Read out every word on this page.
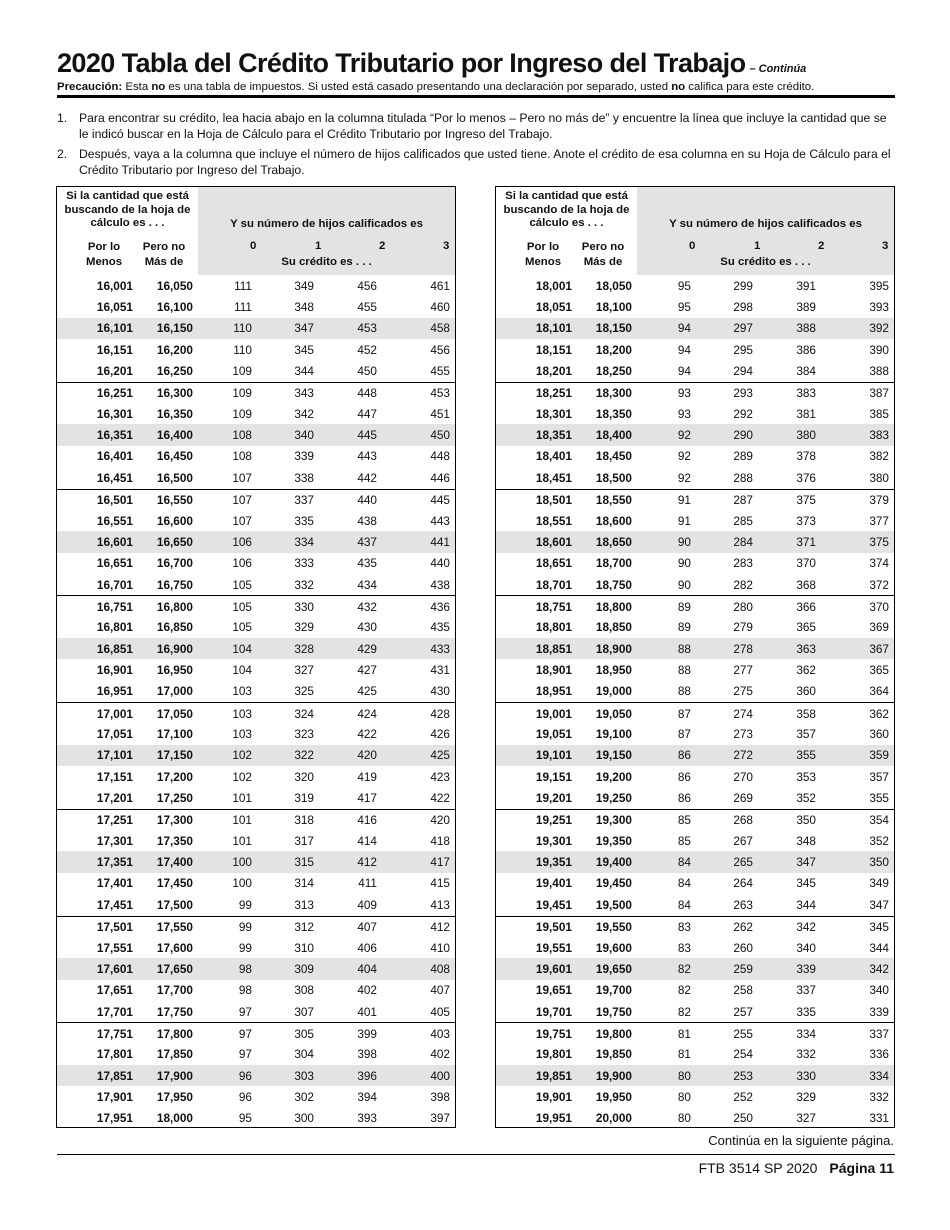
2020 Tabla del Crédito Tributario por Ingreso del Trabajo – Continúa
Precaución: Esta no es una tabla de impuestos. Si usted está casado presentando una declaración por separado, usted no califica para este crédito.
1. Para encontrar su crédito, lea hacia abajo en la columna titulada “Por lo menos – Pero no más de” y encuentre la línea que incluye la cantidad que se le indicó buscar en la Hoja de Cálculo para el Crédito Tributario por Ingreso del Trabajo.
2. Después, vaya a la columna que incluye el número de hijos calificados que usted tiene. Anote el crédito de esa columna en su Hoja de Cálculo para el Crédito Tributario por Ingreso del Trabajo.
Si la cantidad que está buscando de la hoja de cálculo es . . .
Por lo Menos
Pero no Más de
Y su número de hijos calificados es
0	1	2	3
Su crédito es . . .
16,001	16,050	111	349	456	461
16,051	16,100	111	348	455	460
16,101	16,150	110	347	453	458
16,151	16,200	110	345	452	456
16,201	16,250	109	344	450	455
16,251	16,300	109	343	448	453
16,301	16,350	109	342	447	451
16,351	16,400	108	340	445	450
16,401	16,450	108	339	443	448
16,451	16,500	107	338	442	446
16,501	16,550	107	337	440	445
16,551	16,600	107	335	438	443
16,601	16,650	106	334	437	441
16,651	16,700	106	333	435	440
16,701	16,750	105	332	434	438
16,751	16,800	105	330	432	436
16,801	16,850	105	329	430	435
16,851	16,900	104	328	429	433
16,901	16,950	104	327	427	431
16,951	17,000	103	325	425	430
17,001	17,050	103	324	424	428
17,051	17,100	103	323	422	426
17,101	17,150	102	322	420	425
17,151	17,200	102	320	419	423
17,201	17,250	101	319	417	422
17,251	17,300	101	318	416	420
17,301	17,350	101	317	414	418
17,351	17,400	100	315	412	417
17,401	17,450	100	314	411	415
17,451	17,500	99	313	409	413
17,501	17,550	99	312	407	412
17,551	17,600	99	310	406	410
17,601	17,650	98	309	404	408
17,651	17,700	98	308	402	407
17,701	17,750	97	307	401	405
17,751	17,800	97	305	399	403
17,801	17,850	97	304	398	402
17,851	17,900	96	303	396	400
17,901	17,950	96	302	394	398
17,951	18,000	95	300	393	397
Si la cantidad que está buscando de la hoja de cálculo es . . .
Por lo Menos
Pero no Más de
Y su número de hijos calificados es
0	1	2	3
Su crédito es . . .
18,001	18,050	95	299	391	395
18,051	18,100	95	298	389	393
18,101	18,150	94	297	388	392
18,151	18,200	94	295	386	390
18,201	18,250	94	294	384	388
18,251	18,300	93	293	383	387
18,301	18,350	93	292	381	385
18,351	18,400	92	290	380	383
18,401	18,450	92	289	378	382
18,451	18,500	92	288	376	380
18,501	18,550	91	287	375	379
18,551	18,600	91	285	373	377
18,601	18,650	90	284	371	375
18,651	18,700	90	283	370	374
18,701	18,750	90	282	368	372
18,751	18,800	89	280	366	370
18,801	18,850	89	279	365	369
18,851	18,900	88	278	363	367
18,901	18,950	88	277	362	365
18,951	19,000	88	275	360	364
19,001	19,050	87	274	358	362
19,051	19,100	87	273	357	360
19,101	19,150	86	272	355	359
19,151	19,200	86	270	353	357
19,201	19,250	86	269	352	355
19,251	19,300	85	268	350	354
19,301	19,350	85	267	348	352
19,351	19,400	84	265	347	350
19,401	19,450	84	264	345	349
19,451	19,500	84	263	344	347
19,501	19,550	83	262	342	345
19,551	19,600	83	260	340	344
19,601	19,650	82	259	339	342
19,651	19,700	82	258	337	340
19,701	19,750	82	257	335	339
19,751	19,800	81	255	334	337
19,801	19,850	81	254	332	336
19,851	19,900	80	253	330	334
19,901	19,950	80	252	329	332
19,951	20,000	80	250	327	331
Continúa en la siguiente página.
FTB 3514 SP 2020 Página 11
